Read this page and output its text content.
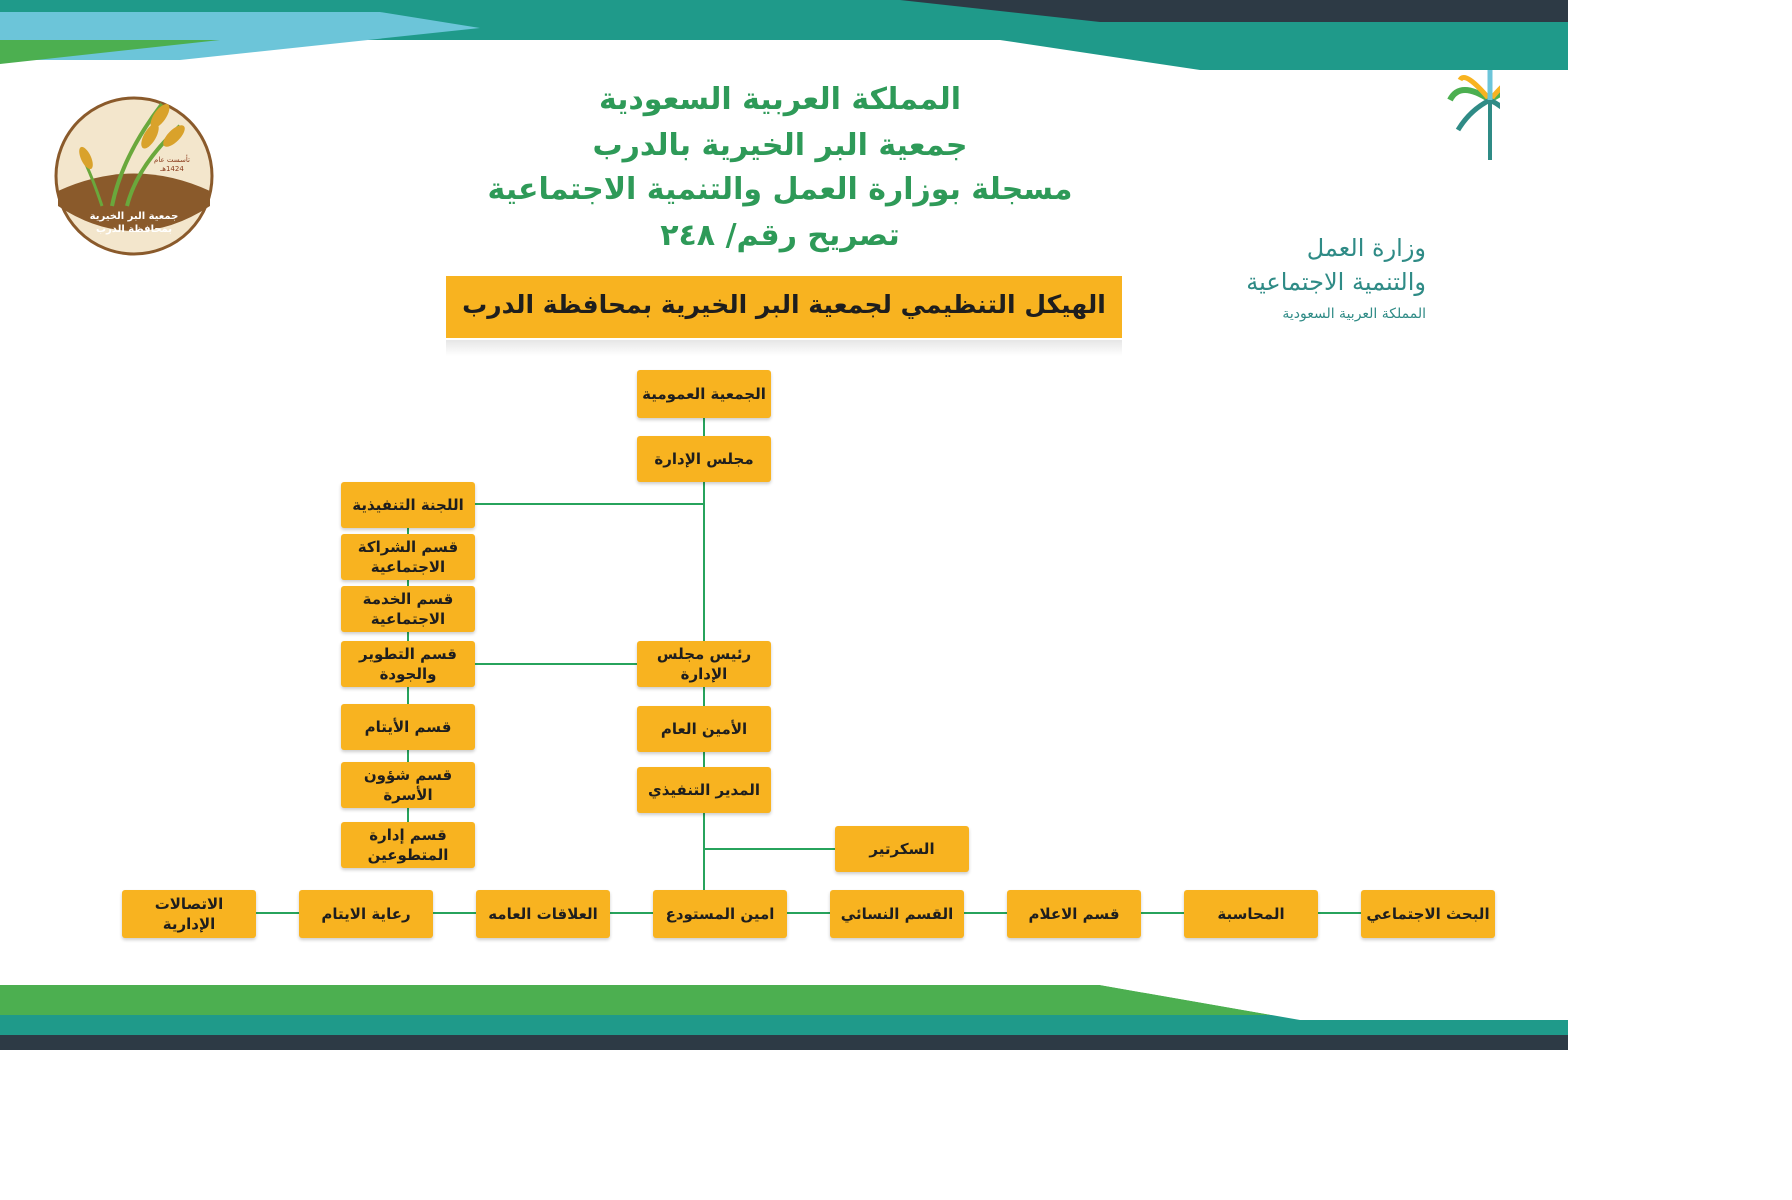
جمعية البر الخيرية بمحافظة الدرب
تأسست عام 1424هـ
المملكة العربية السعودية
جمعية البر الخيرية بالدرب
مسجلة بوزارة العمل والتنمية الاجتماعية
تصريح رقم/ ٢٤٨	وزارة العمل
والتنمية الاجتماعية
المملكة العربية السعودية
الهيكل التنظيمي لجمعية البر الخيرية بمحافظة الدرب
الجمعية العمومية
مجلس الإدارة
اللجنة التنفيذية
قسم الشراكة الاجتماعية
قسم الخدمة الاجتماعية
قسم التطوير والجودة
قسم الأيتام
قسم شؤون الأسرة
قسم إدارة المتطوعين
رئيس مجلس الإدارة
الأمين العام
المدير التنفيذي
السكرتير
البحث الاجتماعي
المحاسبة
قسم الاعلام
القسم النسائي
امين المستودع
العلاقات العامه
رعاية الايتام
الاتصالات الإدارية
